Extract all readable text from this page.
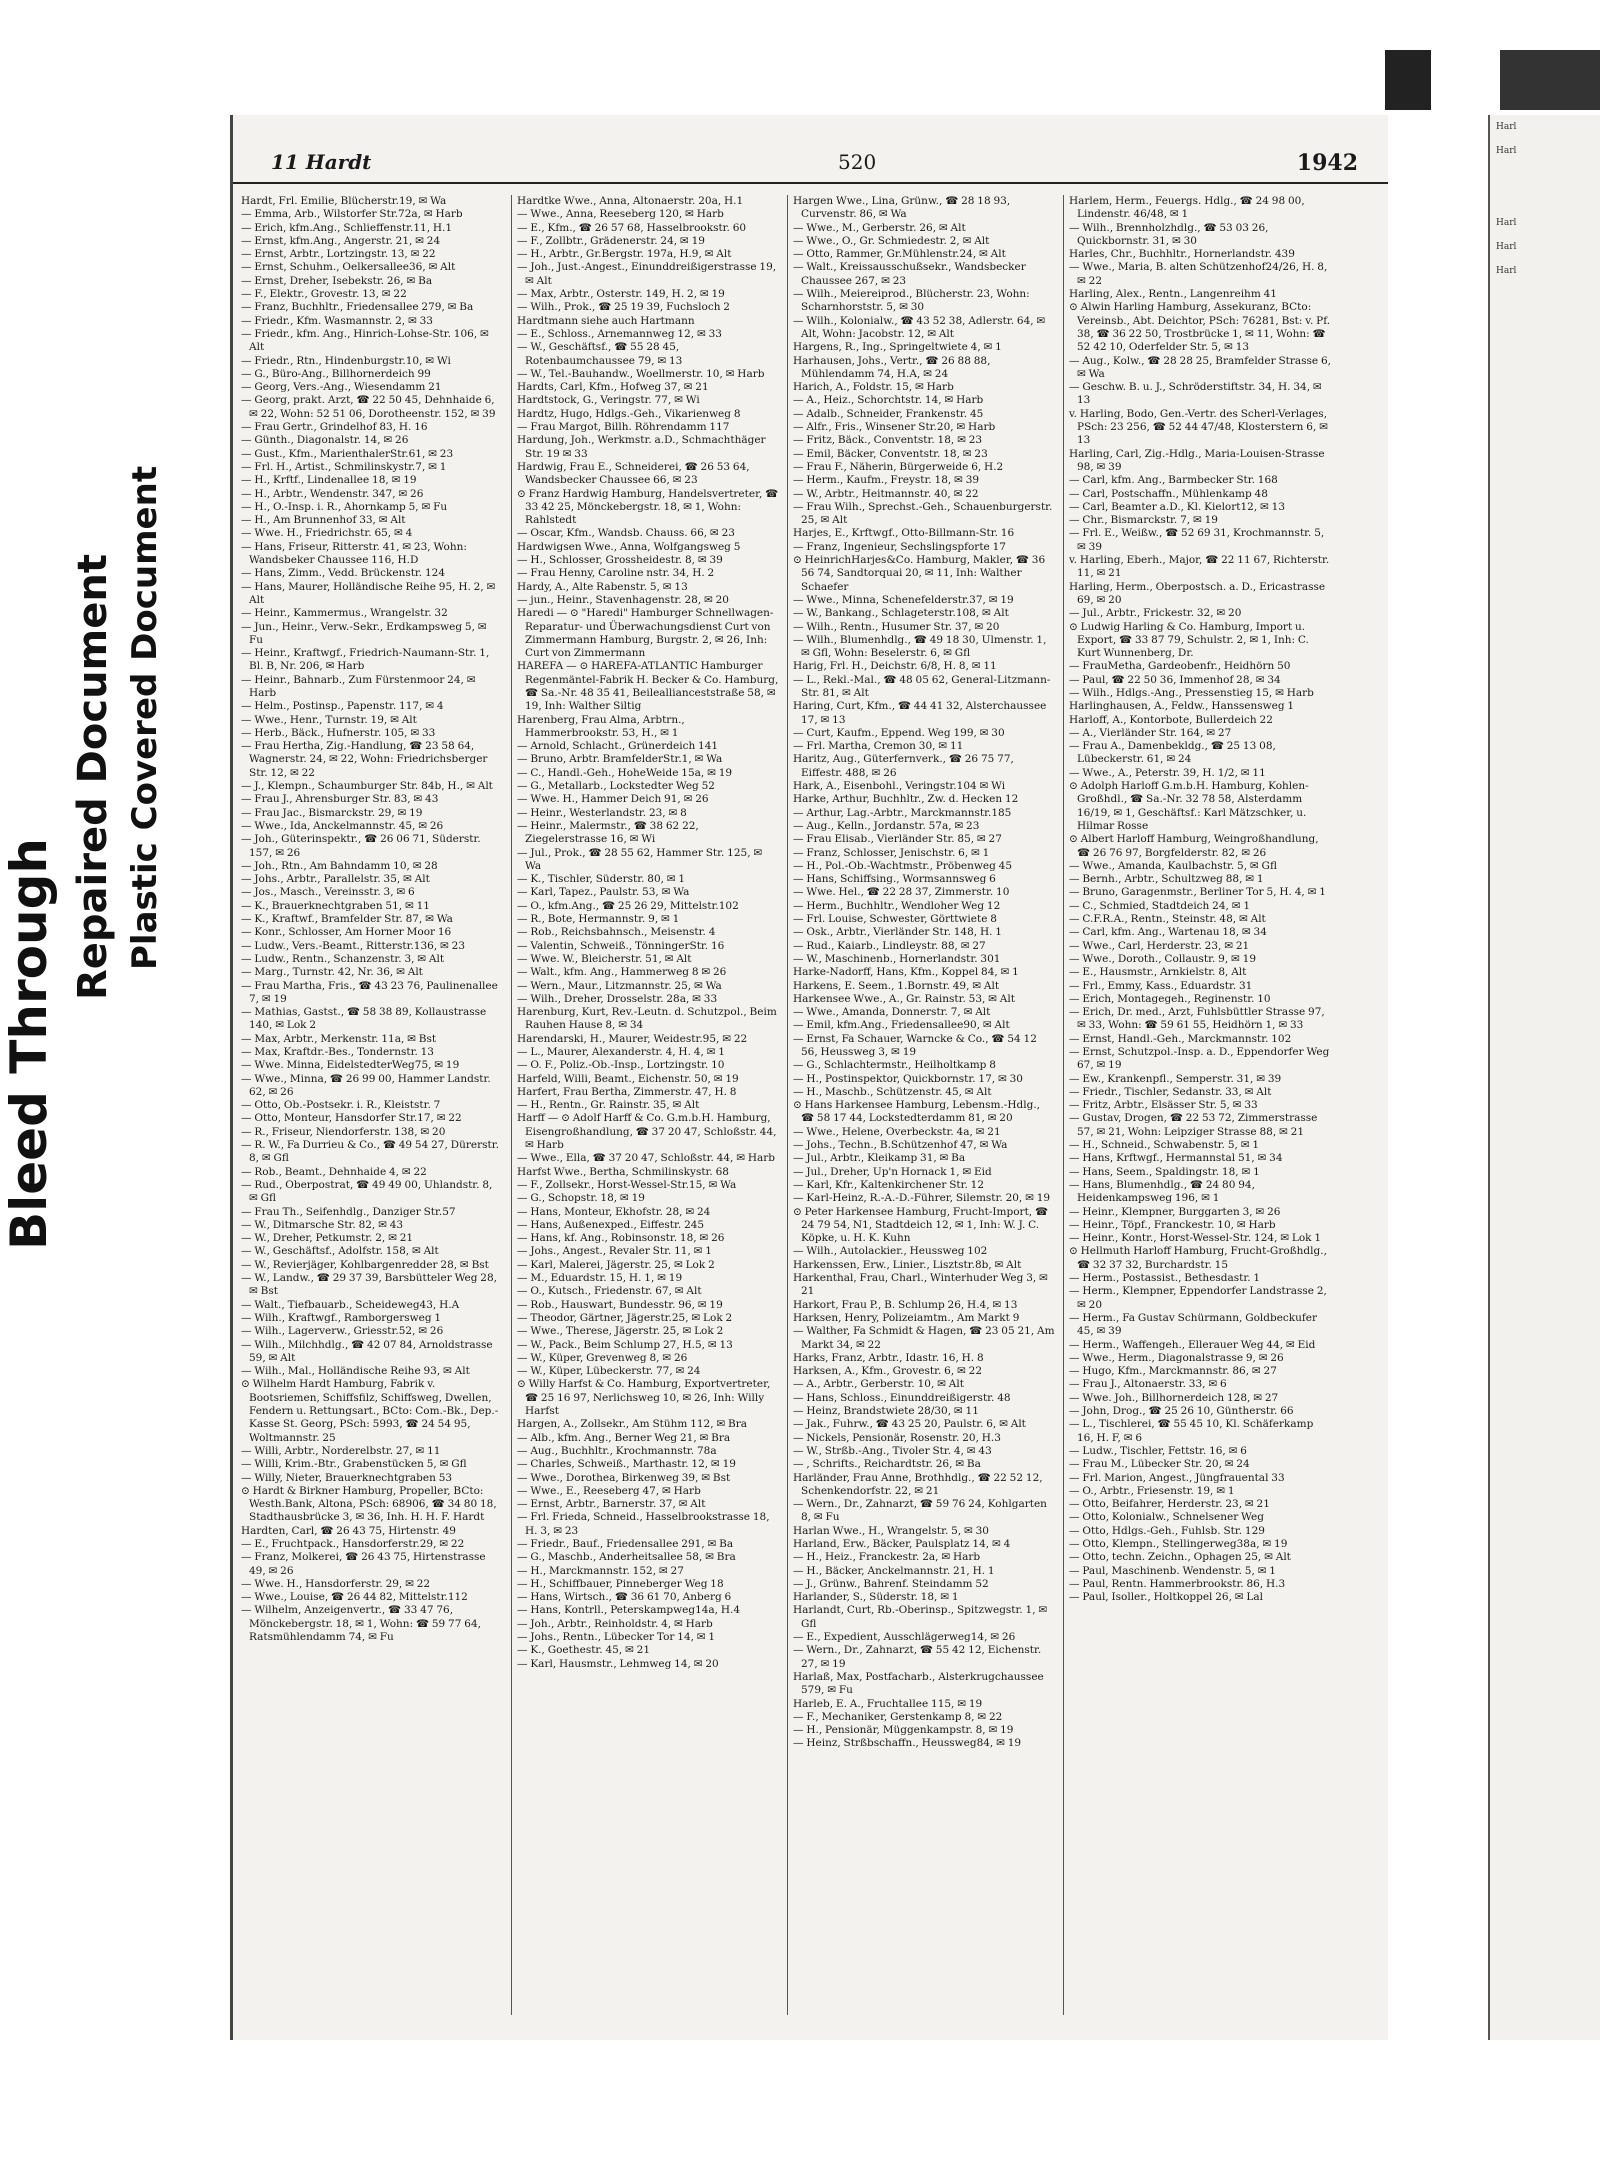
Bleed Through
Repaired Document Plastic Covered Document
11 Hardt	520	1942

Hardt, Frl. Emilie, Blücherstr.19, ✉ Wa

— Emma, Arb., Wilstorfer Str.72a, ✉ Harb

— Erich, kfm.Ang., Schlieffenstr.11, H.1

— Ernst, kfm.Ang., Angerstr. 21, ✉ 24

— Ernst, Arbtr., Lortzingstr. 13, ✉ 22

— Ernst, Schuhm., Oelkersallee36, ✉ Alt

— Ernst, Dreher, Isebekstr. 26, ✉ Ba

— F., Elektr., Grovestr. 13, ✉ 22

— Franz, Buchhltr., Friedensallee 279, ✉ Ba

— Friedr., Kfm. Wasmannstr. 2, ✉ 33

— Friedr., kfm. Ang., Hinrich-Lohse-Str. 106, ✉ Alt

— Friedr., Rtn., Hindenburgstr.10, ✉ Wi

— G., Büro-Ang., Billhornerdeich 99

— Georg, Vers.-Ang., Wiesendamm 21

— Georg, prakt. Arzt, ☎ 22 50 45, Dehnhaide 6, ✉ 22, Wohn: 52 51 06, Dorotheenstr. 152, ✉ 39

— Frau Gertr., Grindelhof 83, H. 16

— Günth., Diagonalstr. 14, ✉ 26

— Gust., Kfm., MarienthalerStr.61, ✉ 23

— Frl. H., Artist., Schmilinskystr.7, ✉ 1

— H., Krftf., Lindenallee 18, ✉ 19

— H., Arbtr., Wendenstr. 347, ✉ 26

— H., O.-Insp. i. R., Ahornkamp 5, ✉ Fu

— H., Am Brunnenhof 33, ✉ Alt

— Wwe. H., Friedrichstr. 65, ✉ 4

— Hans, Friseur, Ritterstr. 41, ✉ 23, Wohn: Wandsbeker Chaussee 116, H.D

— Hans, Zimm., Vedd. Brückenstr. 124

— Hans, Maurer, Holländische Reihe 95, H. 2, ✉ Alt

— Heinr., Kammermus., Wrangelstr. 32

— Jun., Heinr., Verw.-Sekr., Erdkampsweg 5, ✉ Fu

— Heinr., Kraftwgf., Friedrich-Naumann-Str. 1, Bl. B, Nr. 206, ✉ Harb

— Heinr., Bahnarb., Zum Fürstenmoor 24, ✉ Harb

— Helm., Postinsp., Papenstr. 117, ✉ 4

— Wwe., Henr., Turnstr. 19, ✉ Alt

— Herb., Bäck., Hufnerstr. 105, ✉ 33

— Frau Hertha, Zig.-Handlung, ☎ 23 58 64, Wagnerstr. 24, ✉ 22, Wohn: Friedrichsberger Str. 12, ✉ 22

— J., Klempn., Schaumburger Str. 84b, H., ✉ Alt

— Frau J., Ahrensburger Str. 83, ✉ 43

— Frau Jac., Bismarckstr. 29, ✉ 19

— Wwe., Ida, Anckelmannstr. 45, ✉ 26

— Joh., Güterinspektr., ☎ 26 06 71, Süderstr. 157, ✉ 26

— Joh., Rtn., Am Bahndamm 10, ✉ 28

— Johs., Arbtr., Parallelstr. 35, ✉ Alt

— Jos., Masch., Vereinsstr. 3, ✉ 6

— K., Brauerknechtgraben 51, ✉ 11

— K., Kraftwf., Bramfelder Str. 87, ✉ Wa

— Konr., Schlosser, Am Horner Moor 16

— Ludw., Vers.-Beamt., Ritterstr.136, ✉ 23

— Ludw., Rentn., Schanzenstr. 3, ✉ Alt

— Marg., Turnstr. 42, Nr. 36, ✉ Alt

— Frau Martha, Fris., ☎ 43 23 76, Paulinenallee 7, ✉ 19

— Mathias, Gastst., ☎ 58 38 89, Kollaustrasse 140, ✉ Lok 2

— Max, Arbtr., Merkenstr. 11a, ✉ Bst

— Max, Kraftdr.-Bes., Tondernstr. 13

— Wwe. Minna, EidelstedterWeg75, ✉ 19

— Wwe., Minna, ☎ 26 99 00, Hammer Landstr. 62, ✉ 26

— Otto, Ob.-Postsekr. i. R., Kleiststr. 7

— Otto, Monteur, Hansdorfer Str.17, ✉ 22

— R., Friseur, Niendorferstr. 138, ✉ 20

— R. W., Fa Durrieu & Co., ☎ 49 54 27, Dürerstr. 8, ✉ Gfl

— Rob., Beamt., Dehnhaide 4, ✉ 22

— Rud., Oberpostrat, ☎ 49 49 00, Uhlandstr. 8, ✉ Gfl

— Frau Th., Seifenhdlg., Danziger Str.57

— W., Ditmarsche Str. 82, ✉ 43

— W., Dreher, Petkumstr. 2, ✉ 21

— W., Geschäftsf., Adolfstr. 158, ✉ Alt

— W., Revierjäger, Kohlbargenredder 28, ✉ Bst

— W., Landw., ☎ 29 37 39, Barsbütteler Weg 28, ✉ Bst

— Walt., Tiefbauarb., Scheideweg43, H.A

— Wilh., Kraftwgf., Ramborgersweg 1

— Wilh., Lagerverw., Griesstr.52, ✉ 26

— Wilh., Milchhdlg., ☎ 42 07 84, Arnoldstrasse 59, ✉ Alt

— Wilh., Mal., Holländische Reihe 93, ✉ Alt

⊙ Wilhelm Hardt Hamburg, Fabrik v. Bootsriemen, Schiffsfilz, Schiffsweg, Dwellen, Fendern u. Rettungsart., BCto: Com.-Bk., Dep.-Kasse St. Georg, PSch: 5993, ☎ 24 54 95, Woltmannstr. 25

— Willi, Arbtr., Norderelbstr. 27, ✉ 11

— Willi, Krim.-Btr., Grabenstücken 5, ✉ Gfl

— Willy, Nieter, Brauerknechtgraben 53

⊙ Hardt & Birkner Hamburg, Propeller, BCto: Westh.Bank, Altona, PSch: 68906, ☎ 34 80 18, Stadthausbrücke 3, ✉ 36, Inh. H. H. F. Hardt

Hardten, Carl, ☎ 26 43 75, Hirtenstr. 49

— E., Fruchtpack., Hansdorferstr.29, ✉ 22

— Franz, Molkerei, ☎ 26 43 75, Hirtenstrasse 49, ✉ 26

— Wwe. H., Hansdorferstr. 29, ✉ 22

— Wwe., Louise, ☎ 26 44 82, Mittelstr.112

— Wilhelm, Anzeigenvertr., ☎ 33 47 76, Mönckebergstr. 18, ✉ 1, Wohn: ☎ 59 77 64, Ratsmühlendamm 74, ✉ Fu

Hardtke Wwe., Anna, Altonaerstr. 20a, H.1

— Wwe., Anna, Reeseberg 120, ✉ Harb

— E., Kfm., ☎ 26 57 68, Hasselbrookstr. 60

— F., Zollbtr., Grädenerstr. 24, ✉ 19

— H., Arbtr., Gr.Bergstr. 197a, H.9, ✉ Alt

— Joh., Just.-Angest., Einunddreißigerstrasse 19, ✉ Alt

— Max, Arbtr., Osterstr. 149, H. 2, ✉ 19

— Wilh., Prok., ☎ 25 19 39, Fuchsloch 2

Hardtmann siehe auch Hartmann

— E., Schloss., Arnemannweg 12, ✉ 33

— W., Geschäftsf., ☎ 55 28 45, Rotenbaumchaussee 79, ✉ 13

— W., Tel.-Bauhandw., Woellmerstr. 10, ✉ Harb

Hardts, Carl, Kfm., Hofweg 37, ✉ 21

Hardtstock, G., Veringstr. 77, ✉ Wi

Hardtz, Hugo, Hdlgs.-Geh., Vikarienweg 8

— Frau Margot, Billh. Röhrendamm 117

Hardung, Joh., Werkmstr. a.D., Schmachthäger Str. 19 ✉ 33

Hardwig, Frau E., Schneiderei, ☎ 26 53 64, Wandsbecker Chaussee 66, ✉ 23

⊙ Franz Hardwig Hamburg, Handelsvertreter, ☎ 33 42 25, Mönckebergstr. 18, ✉ 1, Wohn: Rahlstedt

— Oscar, Kfm., Wandsb. Chauss. 66, ✉ 23

Hardwigsen Wwe., Anna, Wolfgangsweg 5

— H., Schlosser, Grossheidestr. 8, ✉ 39

— Frau Henny, Caroline nstr. 34, H. 2

Hardy, A., Alte Rabenstr. 5, ✉ 13

— jun., Heinr., Stavenhagenstr. 28, ✉ 20

Haredi — ⊙ "Haredi" Hamburger Schnellwagen-Reparatur- und Überwachungsdienst Curt von Zimmermann Hamburg, Burgstr. 2, ✉ 26, Inh: Curt von Zimmermann

HAREFA — ⊙ HAREFA-ATLANTIC Hamburger Regenmäntel-Fabrik H. Becker & Co. Hamburg, ☎ Sa.-Nr. 48 35 41, Beileallianceststraße 58, ✉ 19, Inh: Walther Siltig

Harenberg, Frau Alma, Arbtrn., Hammerbrookstr. 53, H., ✉ 1

— Arnold, Schlacht., Grünerdeich 141

— Bruno, Arbtr. BramfelderStr.1, ✉ Wa

— C., Handl.-Geh., HoheWeide 15a, ✉ 19

— G., Metallarb., Lockstedter Weg 52

— Wwe. H., Hammer Deich 91, ✉ 26

— Heinr., Westerlandstr. 23, ✉ 8

— Heinr., Malermstr., ☎ 38 62 22, Ziegelerstrasse 16, ✉ Wi

— Jul., Prok., ☎ 28 55 62, Hammer Str. 125, ✉ Wa

— K., Tischler, Süderstr. 80, ✉ 1

— Karl, Tapez., Paulstr. 53, ✉ Wa

— O., kfm.Ang., ☎ 25 26 29, Mittelstr.102

— R., Bote, Hermannstr. 9, ✉ 1

— Rob., Reichsbahnsch., Meisenstr. 4

— Valentin, Schweiß., TönningerStr. 16

— Wwe. W., Bleicherstr. 51, ✉ Alt

— Walt., kfm. Ang., Hammerweg 8 ✉ 26

— Wern., Maur., Litzmannstr. 25, ✉ Wa

— Wilh., Dreher, Drosselstr. 28a, ✉ 33

Harenburg, Kurt, Rev.-Leutn. d. Schutzpol., Beim Rauhen Hause 8, ✉ 34

Harendarski, H., Maurer, Weidestr.95, ✉ 22

— L., Maurer, Alexanderstr. 4, H. 4, ✉ 1

— O. F., Poliz.-Ob.-Insp., Lortzingstr. 10

Harfeld, Willi, Beamt., Eichenstr. 50, ✉ 19

Harfert, Frau Bertha, Zimmerstr. 47, H. 8

— H., Rentn., Gr. Rainstr. 35, ✉ Alt

Harff — ⊙ Adolf Harff & Co. G.m.b.H. Hamburg, Eisengroßhandlung, ☎ 37 20 47, Schloßstr. 44, ✉ Harb

— Wwe., Ella, ☎ 37 20 47, Schloßstr. 44, ✉ Harb

Harfst Wwe., Bertha, Schmilinskystr. 68

— F., Zollsekr., Horst-Wessel-Str.15, ✉ Wa

— G., Schopstr. 18, ✉ 19

— Hans, Monteur, Ekhofstr. 28, ✉ 24

— Hans, Außenexped., Eiffestr. 245

— Hans, kf. Ang., Robinsonstr. 18, ✉ 26

— Johs., Angest., Revaler Str. 11, ✉ 1

— Karl, Malerei, Jägerstr. 25, ✉ Lok 2

— M., Eduardstr. 15, H. 1, ✉ 19

— O., Kutsch., Friedenstr. 67, ✉ Alt

— Rob., Hauswart, Bundesstr. 96, ✉ 19

— Theodor, Gärtner, Jägerstr.25, ✉ Lok 2

— Wwe., Therese, Jägerstr. 25, ✉ Lok 2

— W., Pack., Beim Schlump 27, H.5, ✉ 13

— W., Küper, Grevenweg 8, ✉ 26

— W., Küper, Lübeckerstr. 77, ✉ 24

⊙ Willy Harfst & Co. Hamburg, Exportvertreter, ☎ 25 16 97, Nerlichsweg 10, ✉ 26, Inh: Willy Harfst

Hargen, A., Zollsekr., Am Stühm 112, ✉ Bra

— Alb., kfm. Ang., Berner Weg 21, ✉ Bra

— Aug., Buchhltr., Krochmannstr. 78a

— Charles, Schweiß., Marthastr. 12, ✉ 19

— Wwe., Dorothea, Birkenweg 39, ✉ Bst

— Wwe., E., Reeseberg 47, ✉ Harb

— Ernst, Arbtr., Barnerstr. 37, ✉ Alt

— Frl. Frieda, Schneid., Hasselbrookstrasse 18, H. 3, ✉ 23

— Friedr., Bauf., Friedensallee 291, ✉ Ba

— G., Maschb., Anderheitsallee 58, ✉ Bra

— H., Marckmannstr. 152, ✉ 27

— H., Schiffbauer, Pinneberger Weg 18

— Hans, Wirtsch., ☎ 36 61 70, Anberg 6

— Hans, Kontrll., Peterskampweg14a, H.4

— Joh., Arbtr., Reinholdstr. 4, ✉ Harb

— Johs., Rentn., Lübecker Tor 14, ✉ 1

— K., Goethestr. 45, ✉ 21

— Karl, Hausmstr., Lehmweg 14, ✉ 20

Hargen Wwe., Lina, Grünw., ☎ 28 18 93, Curvenstr. 86, ✉ Wa

— Wwe., M., Gerberstr. 26, ✉ Alt

— Wwe., O., Gr. Schmiedestr. 2, ✉ Alt

— Otto, Rammer, Gr.Mühlenstr.24, ✉ Alt

— Walt., Kreissausschußsekr., Wandsbecker Chaussee 267, ✉ 23

— Wilh., Meiereiprod., Blücherstr. 23, Wohn: Scharnhorststr. 5, ✉ 30

— Wilh., Kolonialw., ☎ 43 52 38, Adlerstr. 64, ✉ Alt, Wohn: Jacobstr. 12, ✉ Alt

Hargens, R., Ing., Springeltwiete 4, ✉ 1

Harhausen, Johs., Vertr., ☎ 26 88 88, Mühlendamm 74, H.A, ✉ 24

Harich, A., Foldstr. 15, ✉ Harb

— A., Heiz., Schorchtstr. 14, ✉ Harb

— Adalb., Schneider, Frankenstr. 45

— Alfr., Fris., Winsener Str.20, ✉ Harb

— Fritz, Bäck., Conventstr. 18, ✉ 23

— Emil, Bäcker, Conventstr. 18, ✉ 23

— Frau F., Näherin, Bürgerweide 6, H.2

— Herm., Kaufm., Freystr. 18, ✉ 39

— W., Arbtr., Heitmannstr. 40, ✉ 22

— Frau Wilh., Sprechst.-Geh., Schauenburgerstr. 25, ✉ Alt

Harjes, E., Krftwgf., Otto-Billmann-Str. 16

— Franz, Ingenieur, Sechslingspforte 17

⊙ HeinrichHarjes&Co. Hamburg, Makler, ☎ 36 56 74, Sandtorquai 20, ✉ 11, Inh: Walther Schaefer

— Wwe., Minna, Schenefelderstr.37, ✉ 19

— W., Bankang., Schlageterstr.108, ✉ Alt

— Wilh., Rentn., Husumer Str. 37, ✉ 20

— Wilh., Blumenhdlg., ☎ 49 18 30, Ulmenstr. 1, ✉ Gfl, Wohn: Beselerstr. 6, ✉ Gfl

Harig, Frl. H., Deichstr. 6/8, H. 8, ✉ 11

— L., Rekl.-Mal., ☎ 48 05 62, General-Litzmann-Str. 81, ✉ Alt

Haring, Curt, Kfm., ☎ 44 41 32, Alsterchaussee 17, ✉ 13

— Curt, Kaufm., Eppend. Weg 199, ✉ 30

— Frl. Martha, Cremon 30, ✉ 11

Haritz, Aug., Güterfernverk., ☎ 26 75 77, Eiffestr. 488, ✉ 26

Hark, A., Eisenbohl., Veringstr.104 ✉ Wi

Harke, Arthur, Buchhltr., Zw. d. Hecken 12

— Arthur, Lag.-Arbtr., Marckmannstr.185

— Aug., Kelln., Jordanstr. 57a, ✉ 23

— Frau Elisab., Vierländer Str. 85, ✉ 27

— Franz, Schlosser, Jenischstr. 6, ✉ 1

— H., Pol.-Ob.-Wachtmstr., Pröbenweg 45

— Hans, Schiffsing., Wormsannsweg 6

— Wwe. Hel., ☎ 22 28 37, Zimmerstr. 10

— Herm., Buchhltr., Wendloher Weg 12

— Frl. Louise, Schwester, Görttwiete 8

— Osk., Arbtr., Vierländer Str. 148, H. 1

— Rud., Kaiarb., Lindleystr. 88, ✉ 27

— W., Maschinenb., Hornerlandstr. 301

Harke-Nadorff, Hans, Kfm., Koppel 84, ✉ 1

Harkens, E. Seem., 1.Bornstr. 49, ✉ Alt

Harkensee Wwe., A., Gr. Rainstr. 53, ✉ Alt

— Wwe., Amanda, Donnerstr. 7, ✉ Alt

— Emil, kfm.Ang., Friedensallee90, ✉ Alt

— Ernst, Fa Schauer, Warncke & Co., ☎ 54 12 56, Heussweg 3, ✉ 19

— G., Schlachtermstr., Heilholtkamp 8

— H., Postinspektor, Quickbornstr. 17, ✉ 30

— H., Maschb., Schützenstr. 45, ✉ Alt

⊙ Hans Harkensee Hamburg, Lebensm.-Hdlg., ☎ 58 17 44, Lockstedterdamm 81, ✉ 20

— Wwe., Helene, Overbeckstr. 4a, ✉ 21

— Johs., Techn., B.Schützenhof 47, ✉ Wa

— Jul., Arbtr., Kleikamp 31, ✉ Ba

— Jul., Dreher, Up'n Hornack 1, ✉ Eid

— Karl, Kfr., Kaltenkirchener Str. 12

— Karl-Heinz, R.-A.-D.-Führer, Silemstr. 20, ✉ 19

⊙ Peter Harkensee Hamburg, Frucht-Import, ☎ 24 79 54, N1, Stadtdeich 12, ✉ 1, Inh: W. J. C. Köpke, u. H. K. Kuhn

— Wilh., Autolackier., Heussweg 102

Harkenssen, Erw., Linier., Lisztstr.8b, ✉ Alt

Harkenthal, Frau, Charl., Winterhuder Weg 3, ✉ 21

Harkort, Frau P., B. Schlump 26, H.4, ✉ 13

Harksen, Henry, Polizeiamtm., Am Markt 9

— Walther, Fa Schmidt & Hagen, ☎ 23 05 21, Am Markt 34, ✉ 22

Harks, Franz, Arbtr., Idastr. 16, H. 8

Harksen, A., Kfm., Grovestr. 6, ✉ 22

— A., Arbtr., Gerberstr. 10, ✉ Alt

— Hans, Schloss., Einunddreißigerstr. 48

— Heinz, Brandstwiete 28/30, ✉ 11

— Jak., Fuhrw., ☎ 43 25 20, Paulstr. 6, ✉ Alt

— Nickels, Pensionär, Rosenstr. 20, H.3

— W., Strßb.-Ang., Tivoler Str. 4, ✉ 43

— , Schrifts., Reichardtstr. 26, ✉ Ba

Harländer, Frau Anne, Brothhdlg., ☎ 22 52 12, Schenkendorfstr. 22, ✉ 21

— Wern., Dr., Zahnarzt, ☎ 59 76 24, Kohlgarten 8, ✉ Fu

Harlan Wwe., H., Wrangelstr. 5, ✉ 30

Harland, Erw., Bäcker, Paulsplatz 14, ✉ 4

— H., Heiz., Franckestr. 2a, ✉ Harb

— H., Bäcker, Anckelmannstr. 21, H. 1

— J., Grünw., Bahrenf. Steindamm 52

Harlander, S., Süderstr. 18, ✉ 1

Harlandt, Curt, Rb.-Oberinsp., Spitzwegstr. 1, ✉ Gfl

— E., Expedient, Ausschlägerweg14, ✉ 26

— Wern., Dr., Zahnarzt, ☎ 55 42 12, Eichenstr. 27, ✉ 19

Harlaß, Max, Postfacharb., Alsterkrugchaussee 579, ✉ Fu

Harleb, E. A., Fruchtallee 115, ✉ 19

— F., Mechaniker, Gerstenkamp 8, ✉ 22

— H., Pensionär, Müggenkampstr. 8, ✉ 19

— Heinz, Strßbschaffn., Heussweg84, ✉ 19

Harlem, Herm., Feuergs. Hdlg., ☎ 24 98 00, Lindenstr. 46/48, ✉ 1

— Wilh., Brennholzhdlg., ☎ 53 03 26, Quickbornstr. 31, ✉ 30

Harles, Chr., Buchhltr., Hornerlandstr. 439

— Wwe., Maria, B. alten Schützenhof24/26, H. 8, ✉ 22

Harling, Alex., Rentn., Langenreihm 41

⊙ Alwin Harling Hamburg, Assekuranz, BCto: Vereinsb., Abt. Deichtor, PSch: 76281, Bst: v. Pf. 38, ☎ 36 22 50, Trostbrücke 1, ✉ 11, Wohn: ☎ 52 42 10, Oderfelder Str. 5, ✉ 13

— Aug., Kolw., ☎ 28 28 25, Bramfelder Strasse 6, ✉ Wa

— Geschw. B. u. J., Schröderstiftstr. 34, H. 34, ✉ 13

v. Harling, Bodo, Gen.-Vertr. des Scherl-Verlages, PSch: 23 256, ☎ 52 44 47/48, Klosterstern 6, ✉ 13

Harling, Carl, Zig.-Hdlg., Maria-Louisen-Strasse 98, ✉ 39

— Carl, kfm. Ang., Barmbecker Str. 168

— Carl, Postschaffn., Mühlenkamp 48

— Carl, Beamter a.D., Kl. Kielort12, ✉ 13

— Chr., Bismarckstr. 7, ✉ 19

— Frl. E., Weißw., ☎ 52 69 31, Krochmannstr. 5, ✉ 39

v. Harling, Eberh., Major, ☎ 22 11 67, Richterstr. 11, ✉ 21

Harling, Herm., Oberpostsch. a. D., Ericastrasse 69, ✉ 20

— Jul., Arbtr., Frickestr. 32, ✉ 20

⊙ Ludwig Harling & Co. Hamburg, Import u. Export, ☎ 33 87 79, Schulstr. 2, ✉ 1, Inh: C. Kurt Wunnenberg, Dr.

— FrauMetha, Gardeobenfr., Heidhörn 50

— Paul, ☎ 22 50 36, Immenhof 28, ✉ 34

— Wilh., Hdlgs.-Ang., Pressenstieg 15, ✉ Harb

Harlinghausen, A., Feldw., Hanssensweg 1

Harloff, A., Kontorbote, Bullerdeich 22

— A., Vierländer Str. 164, ✉ 27

— Frau A., Damenbekldg., ☎ 25 13 08, Lübeckerstr. 61, ✉ 24

— Wwe., A., Peterstr. 39, H. 1/2, ✉ 11

⊙ Adolph Harloff G.m.b.H. Hamburg, Kohlen-Großhdl., ☎ Sa.-Nr. 32 78 58, Alsterdamm 16/19, ✉ 1, Geschäftsf.: Karl Mätzschker, u. Hilmar Rosse

⊙ Albert Harloff Hamburg, Weingroßhandlung, ☎ 26 76 97, Borgfelderstr. 82, ✉ 26

— Wwe., Amanda, Kaulbachstr. 5, ✉ Gfl

— Bernh., Arbtr., Schultzweg 88, ✉ 1

— Bruno, Garagenmstr., Berliner Tor 5, H. 4, ✉ 1

— C., Schmied, Stadtdeich 24, ✉ 1

— C.F.R.A., Rentn., Steinstr. 48, ✉ Alt

— Carl, kfm. Ang., Wartenau 18, ✉ 34

— Wwe., Carl, Herderstr. 23, ✉ 21

— Wwe., Doroth., Collaustr. 9, ✉ 19

— E., Hausmstr., Arnkielstr. 8, Alt

— Frl., Emmy, Kass., Eduardstr. 31

— Erich, Montagegeh., Reginenstr. 10

— Erich, Dr. med., Arzt, Fuhlsbüttler Strasse 97, ✉ 33, Wohn: ☎ 59 61 55, Heidhörn 1, ✉ 33

— Ernst, Handl.-Geh., Marckmannstr. 102

— Ernst, Schutzpol.-Insp. a. D., Eppendorfer Weg 67, ✉ 19

— Ew., Krankenpfl., Semperstr. 31, ✉ 39

— Friedr., Tischler, Sedanstr. 33, ✉ Alt

— Fritz, Arbtr., Elsässer Str. 5, ✉ 33

— Gustav, Drogen, ☎ 22 53 72, Zimmerstrasse 57, ✉ 21, Wohn: Leipziger Strasse 88, ✉ 21

— H., Schneid., Schwabenstr. 5, ✉ 1

— Hans, Krftwgf., Hermannstal 51, ✉ 34

— Hans, Seem., Spaldingstr. 18, ✉ 1

— Hans, Blumenhdlg., ☎ 24 80 94, Heidenkampsweg 196, ✉ 1

— Heinr., Klempner, Burggarten 3, ✉ 26

— Heinr., Töpf., Franckestr. 10, ✉ Harb

— Heinr., Kontr., Horst-Wessel-Str. 124, ✉ Lok 1

⊙ Hellmuth Harloff Hamburg, Frucht-Großhdlg., ☎ 32 37 32, Burchardstr. 15

— Herm., Postassist., Bethesdastr. 1

— Herm., Klempner, Eppendorfer Landstrasse 2, ✉ 20

— Herm., Fa Gustav Schürmann, Goldbeckufer 45, ✉ 39

— Herm., Waffengeh., Ellerauer Weg 44, ✉ Eid

— Wwe., Herm., Diagonalstrasse 9, ✉ 26

— Hugo, Kfm., Marckmannstr. 86, ✉ 27

— Frau J., Altonaerstr. 33, ✉ 6

— Wwe. Joh., Billhornerdeich 128, ✉ 27

— John, Drog., ☎ 25 26 10, Güntherstr. 66

— L., Tischlerei, ☎ 55 45 10, Kl. Schäferkamp 16, H. F, ✉ 6

— Ludw., Tischler, Fettstr. 16, ✉ 6

— Frau M., Lübecker Str. 20, ✉ 24

— Frl. Marion, Angest., Jüngfrauental 33

— O., Arbtr., Friesenstr. 19, ✉ 1

— Otto, Beifahrer, Herderstr. 23, ✉ 21

— Otto, Kolonialw., Schnelsener Weg

— Otto, Hdlgs.-Geh., Fuhlsb. Str. 129

— Otto, Klempn., Stellingerweg38a, ✉ 19

— Otto, techn. Zeichn., Ophagen 25, ✉ Alt

— Paul, Maschinenb. Wendenstr. 5, ✉ 1

— Paul, Rentn. Hammerbrookstr. 86, H.3

— Paul, Isoller., Holtkoppel 26, ✉ Lal

Harl
Harl

Harl
Harl
Harl
